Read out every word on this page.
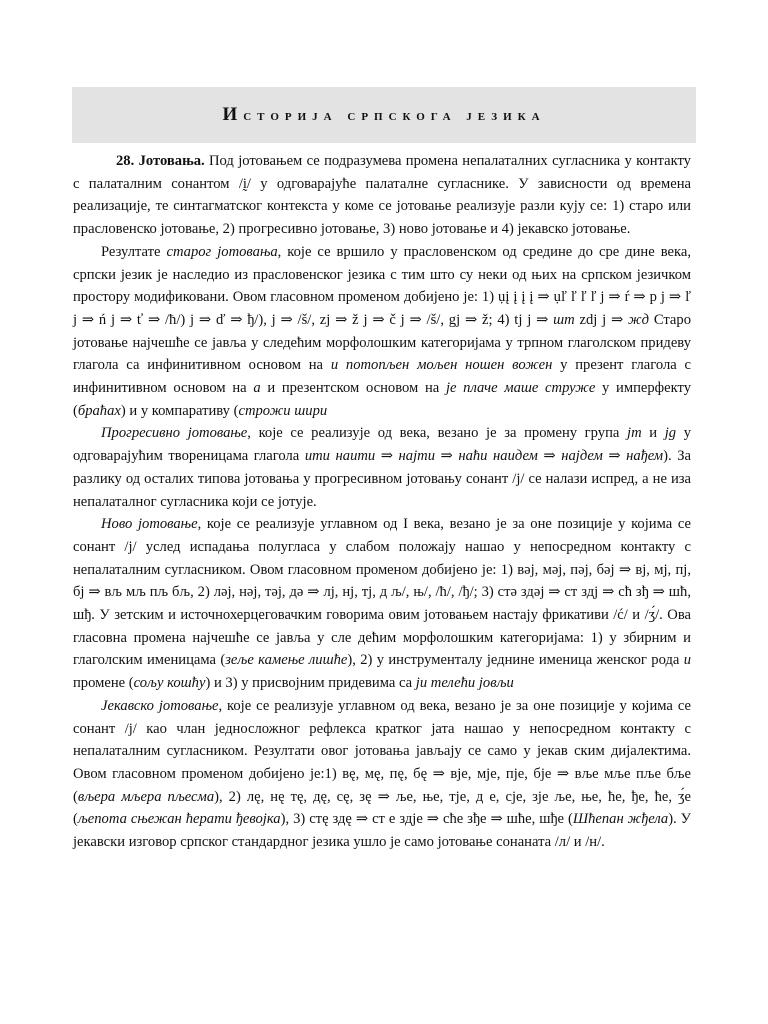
Историја српскога језика

28. Јотовања. Под јотовањем се подразумева промена непалаталних сугласника у контакту с палаталним сонантом /ḭ/ у одговарајуће палаталне сугласнике. У зависности од времена реализације, те синтагматског контекста у коме се јотовање реализује разли кују се: 1) старо или прасловенско јотовање, 2) прогресивно јотовање, 3) ново јотовање и 4) јекавско јотовање.

Резултате старог јотовања, које се вршило у прасловенском од средине до сре дине века, српски језик је наследио из прасловенског језика с тим што су неки од њих на српском језичком простору модификовани. Овом гласовном променом добијено је: 1) ụį į į į ⇒ ụľ ľ ľ ľ ј ⇒ ŕ ⇒ р ј ⇒ ľ ј ⇒ ń ј ⇒ ť ⇒ /ħ/) ј ⇒ ď ⇒ ђ/), ј ⇒ /š/, zj ⇒ ž ј ⇒ č ј ⇒ /š/, gj ⇒ ž; 4) tj ј ⇒ шт zdj ј ⇒ жд Старо јотовање најчешће се јавља у следећим морфолошким категоријама у трпном глаголском придеву глагола са инфинитивном основом на и потопљен мољен ношен вожен у презент глагола с инфинитивном основом на а и презентском основом на је плаче маше стружe у имперфекту (браћах) и у компаративу (строжи шири

Прогресивно јотовање, које се реализује од века, везано је за промену група јт и јg у одговарајућим твореницама глагола ити наити ⇒ најти ⇒ наћи наидем ⇒ најдем ⇒ нађем). За разлику од осталих типова јотовања у прогресивном јотовању сонант /ј/ се налази испред, а не иза непалаталног сугласника који се јотује.

Ново јотовање, које се реализује углавном од I века, везано је за оне позиције у којима се сонант /ј/ услед испадања полугласа у слабом положају нашао у непосредном контакту с непалаталним сугласником. Овом гласовном променом добијено је: 1) вәј, мәј, пәј, бәј ⇒ вј, мј, пј, бј ⇒ вљ мљ пљ бљ, 2) ләј, нәј, тәј, дә ⇒ лј, нј, тј, д љ/, њ/, /ħ/, /ђ/; 3) стә здәј ⇒ ст здј ⇒ сћ зђ ⇒ шћ, шђ. У зетским и источнохерцеговачким говорима овим јотовањем настају фрикативи /ć/ и /ʒ́/. Ова гласовна промена најчешће се јавља у сле дећим морфолошким категоријама: 1) у збирним и глаголским именицама (зеље камење лишће), 2) у инструменталу једнине именица женског рода и промене (сољу кошћу) и 3) у присвојним придевима са ји телећи јовљи

Јекавско јотовање, које се реализује углавном од века, везано је за оне позиције у којима се сонант /ј/ као члан једносложног рефлекса кратког јата нашао у непосредном контакту с непалаталним сугласником. Резултати овог јотовања јављају се само у јекав ским дијалектима. Овом гласовном променом добијено је:1) вę, мę, пę, бę ⇒ вје, мје, пје, бје ⇒ вље мље пље бље (вљера мљера пљесма), 2) лę, нę тę, дę, сę, зę ⇒ ље, ње, тје, д е, сје, зје ље, ње, ће, ђе, ће, ʒ́е (љепота сњежан ћерати ђевојка), 3) стę здę ⇒ ст е здје ⇒ сће зђе ⇒ шће, шђе (Шћепан жђела). У јекавски изговор српског стандардног језика ушло је само јотовање сонаната /л/ и /н/.
